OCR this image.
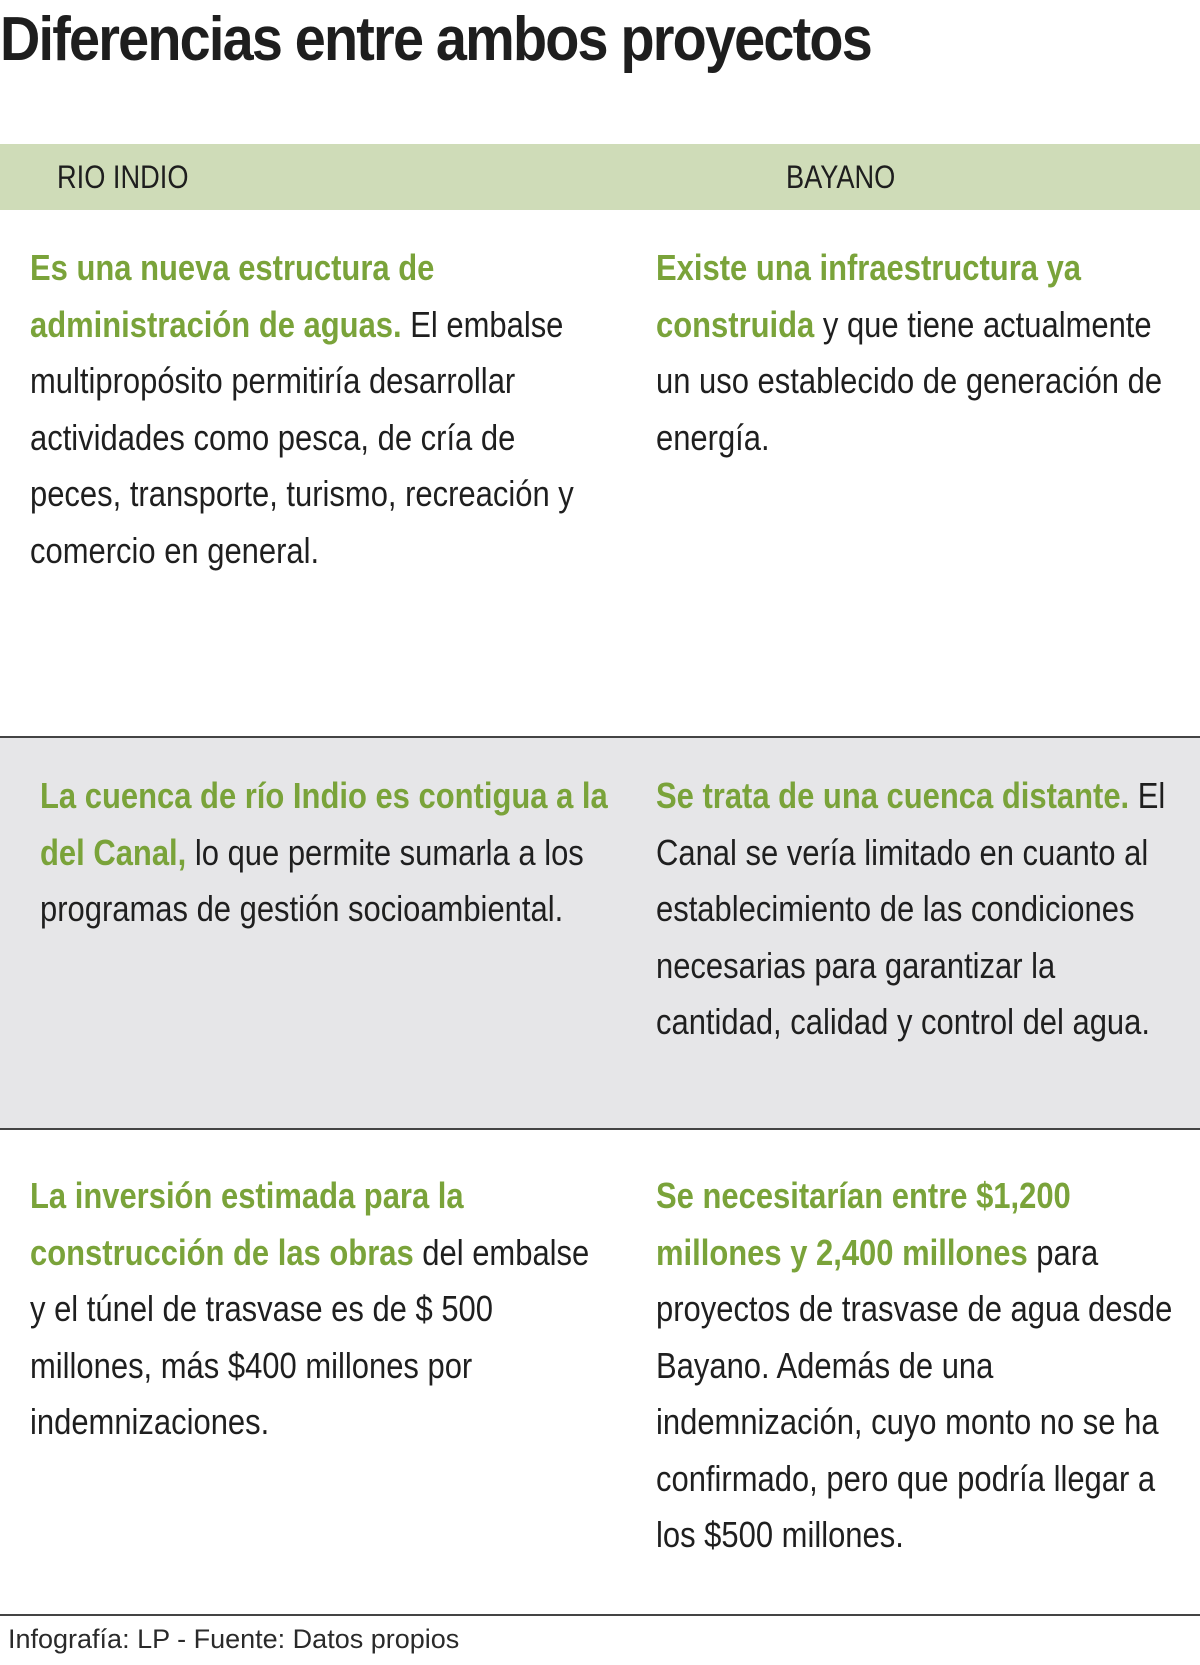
Diferencias entre ambos proyectos
RIO INDIO	BAYANO
Es una nueva estructura de administración de aguas. El embalse multipropósito permitiría desarrollar actividades como pesca, de cría de peces, transporte, turismo, recreación y comercio en general.
Existe una infraestructura ya construida y que tiene actualmente un uso establecido de generación de energía.
La cuenca de río Indio es contigua a la del Canal, lo que permite sumarla a los programas de gestión socioambiental.
Se trata de una cuenca distante. El Canal se vería limitado en cuanto al establecimiento de las condiciones necesarias para garantizar la cantidad, calidad y control del agua.
La inversión estimada para la construcción de las obras del embalse y el túnel de trasvase es de $ 500 millones, más $400 millones por indemnizaciones.
Se necesitarían entre $1,200 millones y 2,400 millones para proyectos de trasvase de agua desde Bayano. Además de una indemnización, cuyo monto no se ha confirmado, pero que podría llegar a los $500 millones.
Infografía: LP - Fuente: Datos propios
